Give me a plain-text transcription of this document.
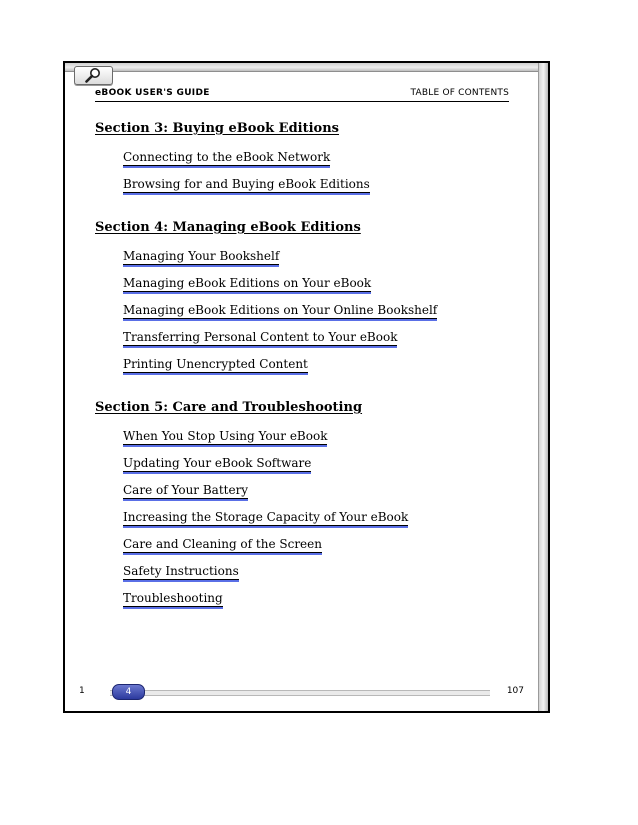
eBOOK USER'S GUIDE	TABLE OF CONTENTS
Section 3: Buying eBook Editions
Connecting to the eBook Network
Browsing for and Buying eBook Editions
Section 4: Managing eBook Editions
Managing Your Bookshelf
Managing eBook Editions on Your eBook
Managing eBook Editions on Your Online Bookshelf
Transferring Personal Content to Your eBook
Printing Unencrypted Content
Section 5: Care and Troubleshooting
When You Stop Using Your eBook
Updating Your eBook Software
Care of Your Battery
Increasing the Storage Capacity of Your eBook
Care and Cleaning of the Screen
Safety Instructions
Troubleshooting
1	4	107
